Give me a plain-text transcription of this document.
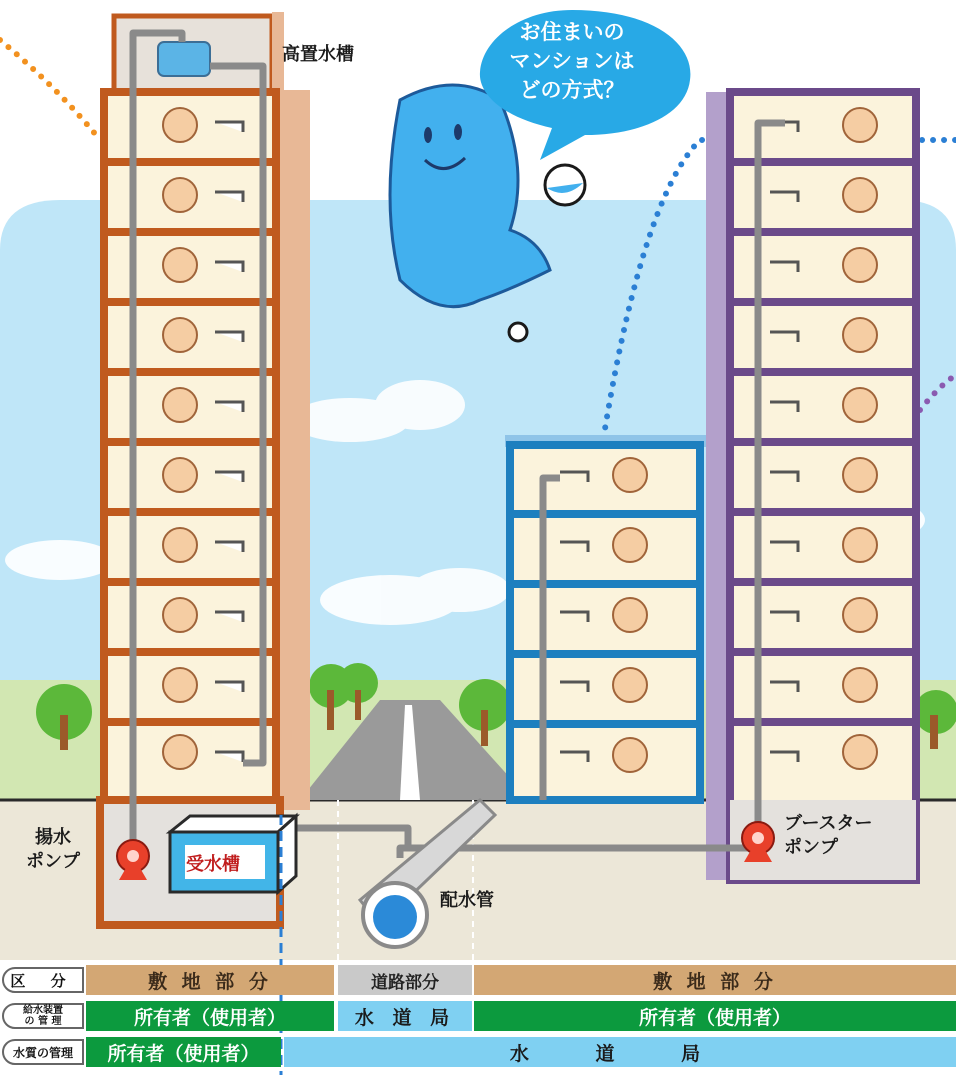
お住まいの
マンションは
どの方式？
高置水槽
揚水
ポンプ	受水槽
配水管
ブースター
ポンプ
区 分	敷 地 部 分	道路部分	敷 地 部 分
給水装置
の 管 理	所有者（使用者）	水 道 局	所有者（使用者）
水質の管理	所有者（使用者）	水 道 局
